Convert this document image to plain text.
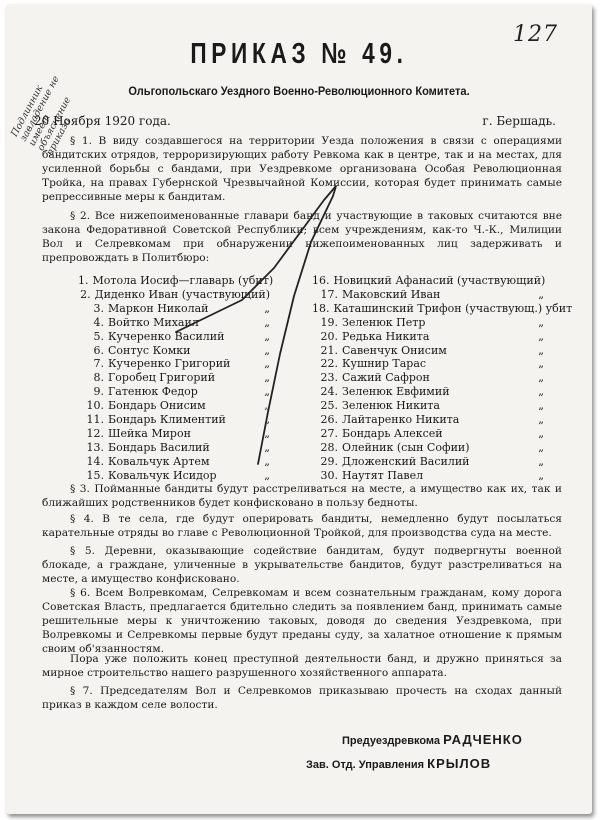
Подлинник завладение не имеет объяснение приказа
127
ПРИКАЗ № 49.
Ольгопольскаго Уездного Военно-Революционного Комитета.
20 Ноября 1920 года.	г. Бершадь.
§ 1. В виду создавшегося на территории Уезда положения в связи с операциями бандитских отрядов, терроризирующих работу Ревкома как в центре, так и на местах, для усиленной борьбы с бандами, при Уездревкоме организована Особая Революционная Тройка, на правах Губернской Чрезвычайной Комиссии, которая будет принимать самые репрессивные меры к бандитам.
§ 2. Все нижепоименованные главари банд и участвующие в таковых считаются вне закона Федоративной Советской Республики; всем учреждениям, как-то Ч.-К., Милиции Вол и Селревкомам при обнаружении нижепоименованных лиц задерживать и препровождать в Политбюро:
1. Мотола Иосиф—главарь (убит)
2. Диденко Иван (участвующий)
3. Маркон Николай	„
4. Войтко Михаил	„
5. Кучеренко Василий	„
6. Сонтус Комки	„
7. Кучеренко Григорий	„
8. Горобец Григорий	„
9. Гатенюк Федор	„
10. Бондарь Онисим	„
11. Бондарь Климентий	„
12. Шейка Мирон	„
13. Бондарь Василий	„
14. Ковальчук Артем	„
15. Ковальчук Исидор	„
16. Новицкий Афанасий (участвующий)
17. Маковский Иван	„
18. Каташинский Трифон (участвующ.) убит
19. Зеленюк Петр	„
20. Редька Никита	„
21. Савенчук Онисим	„
22. Кушнир Тарас	„
23. Сажий Сафрон	„
24. Зеленюк Евфимий	„
25. Зеленюк Никита	„
26. Лайтаренко Никита	„
27. Бондарь Алексей	„
28. Олейник (сын Софии)	„
29. Дложенский Василий	„
30. Наутят Павел	„
§ 3. Пойманные бандиты будут расстреливаться на месте, а имущество как их, так и ближайших родственников будет конфисковано в пользу бедноты.
§ 4. В те села, где будут оперировать бандиты, немедленно будут посылаться карательные отряды во главе с Революционной Тройкой, для производства суда на месте.
§ 5. Деревни, оказывающие содействие бандитам, будут подвергнуты военной блокаде, а граждане, уличенные в укрывательстве бандитов, будут разстреливаться на месте, а имущество конфисковано.
§ 6. Всем Волревкомам, Селревкомам и всем сознательным гражданам, кому дорога Советская Власть, предлагается бдительно следить за появлением банд, принимать самые решительные меры к уничтожению таковых, доводя до сведения Уездревкома, при Волревкомы и Селревкомы первые будут преданы суду, за халатное отношение к прямым своим об'язанностям.
Пора уже положить конец преступной деятельности банд, и дружно приняться за мирное строительство нашего разрушенного хозяйственного аппарата.
§ 7. Председателям Вол и Селревкомов приказываю прочесть на сходах данный приказ в каждом селе волости.
Предуездревкома РАДЧЕНКО
Зав. Отд. Управления КРЫЛОВ
